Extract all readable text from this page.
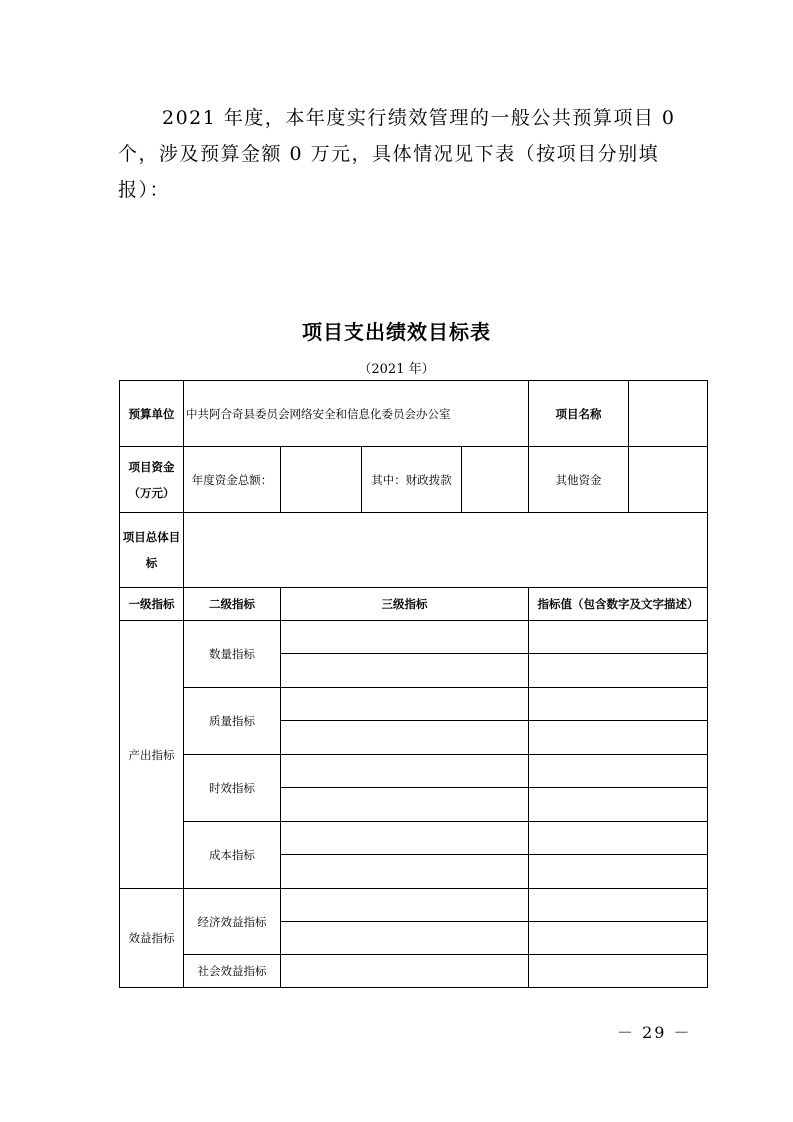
2021 年度，本年度实行绩效管理的一般公共预算项目 0 个，涉及预算金额 0 万元，具体情况见下表（按项目分别填报）：
项目支出绩效目标表
（2021 年）
预算单位	中共阿合奇县委员会网络安全和信息化委员会办公室				项目名称	
项目资金（万元）	年度资金总额：		其中：财政拨款		其他资金	
项目总体目标						
一级指标	二级指标	三级指标			指标值（包含数字及文字描述）	
产出指标	数量指标					

	质量指标					

	时效指标					

	成本指标					

效益指标	经济效益指标					

	社会效益指标					
－ 29 －
